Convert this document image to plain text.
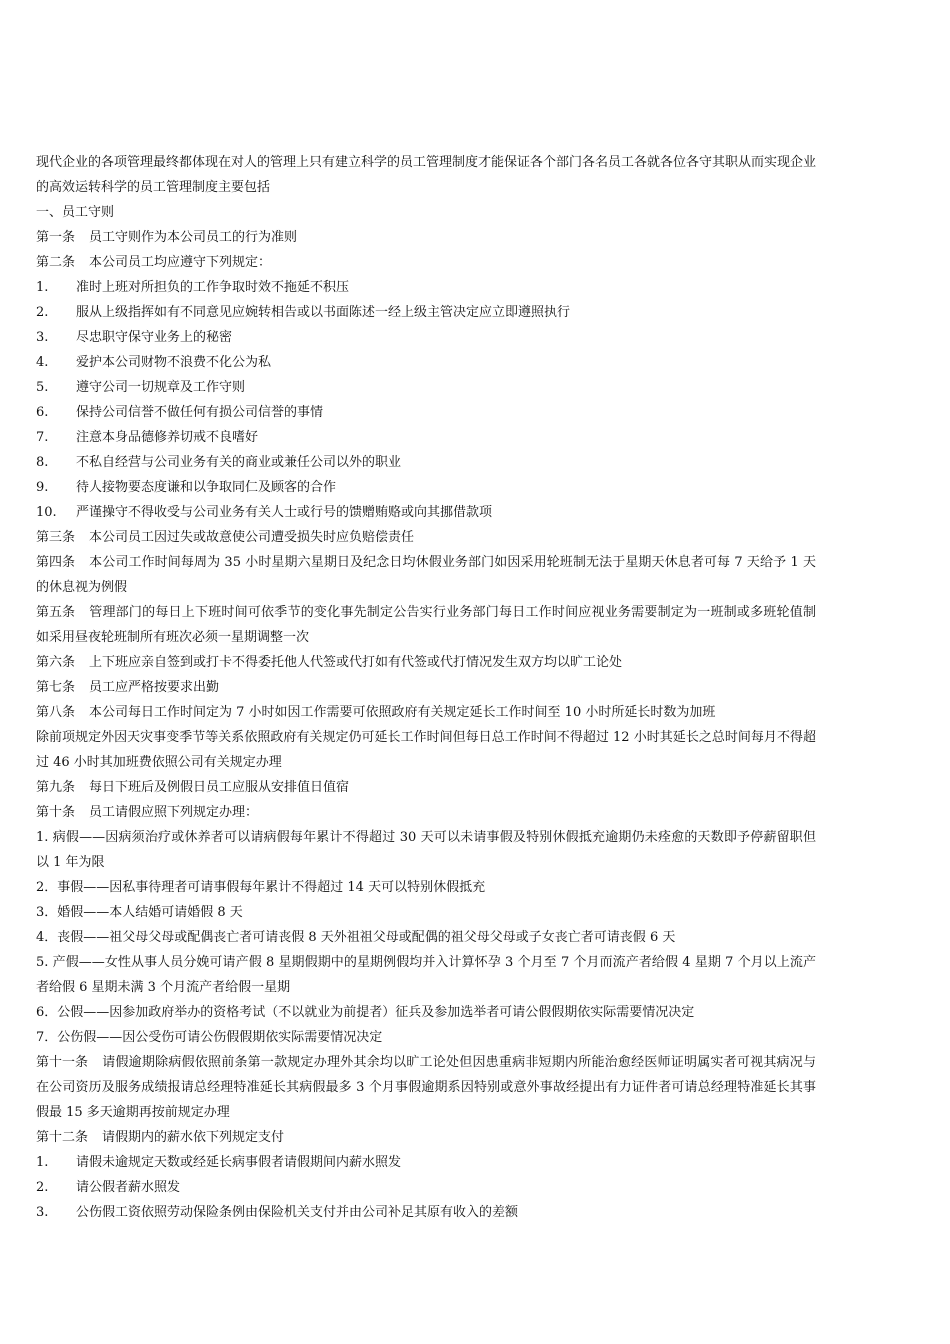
现代企业的各项管理最终都体现在对人的管理上只有建立科学的员工管理制度才能保证各个部门各名员工各就各位各守其职从而实现企业的高效运转科学的员工管理制度主要包括

一、员工守则

第一条 员工守则作为本公司员工的行为准则

第二条 本公司员工均应遵守下列规定：

1. 准时上班对所担负的工作争取时效不拖延不积压

2. 服从上级指挥如有不同意见应婉转相告或以书面陈述一经上级主管决定应立即遵照执行

3. 尽忠职守保守业务上的秘密

4. 爱护本公司财物不浪费不化公为私

5. 遵守公司一切规章及工作守则

6. 保持公司信誉不做任何有损公司信誉的事情

7. 注意本身品德修养切戒不良嗜好

8. 不私自经营与公司业务有关的商业或兼任公司以外的职业

9. 待人接物要态度谦和以争取同仁及顾客的合作

10. 严谨操守不得收受与公司业务有关人士或行号的馈赠贿赂或向其挪借款项

第三条 本公司员工因过失或故意使公司遭受损失时应负赔偿责任

第四条 本公司工作时间每周为 35 小时星期六星期日及纪念日均休假业务部门如因采用轮班制无法于星期天休息者可每 7 天给予 1 天的休息视为例假

第五条 管理部门的每日上下班时间可依季节的变化事先制定公告实行业务部门每日工作时间应视业务需要制定为一班制或多班轮值制如采用昼夜轮班制所有班次必须一星期调整一次

第六条 上下班应亲自签到或打卡不得委托他人代签或代打如有代签或代打情况发生双方均以旷工论处

第七条 员工应严格按要求出勤

第八条 本公司每日工作时间定为 7 小时如因工作需要可依照政府有关规定延长工作时间至 10 小时所延长时数为加班

除前项规定外因天灾事变季节等关系依照政府有关规定仍可延长工作时间但每日总工作时间不得超过 12 小时其延长之总时间每月不得超过 46 小时其加班费依照公司有关规定办理

第九条 每日下班后及例假日员工应服从安排值日值宿

第十条 员工请假应照下列规定办理：

1. 病假——因病须治疗或休养者可以请病假每年累计不得超过 30 天可以未请事假及特别休假抵充逾期仍未痊愈的天数即予停薪留职但以 1 年为限

2．事假——因私事待理者可请事假每年累计不得超过 14 天可以特别休假抵充

3．婚假——本人结婚可请婚假 8 天

4．丧假——祖父母父母或配偶丧亡者可请丧假 8 天外祖祖父母或配偶的祖父母父母或子女丧亡者可请丧假 6 天

5. 产假——女性从事人员分娩可请产假 8 星期假期中的星期例假均并入计算怀孕 3 个月至 7 个月而流产者给假 4 星期 7 个月以上流产者给假 6 星期未满 3 个月流产者给假一星期

6．公假——因参加政府举办的资格考试（不以就业为前提者）征兵及参加选举者可请公假假期依实际需要情况决定

7．公伤假——因公受伤可请公伤假假期依实际需要情况决定

第十一条 请假逾期除病假依照前条第一款规定办理外其余均以旷工论处但因患重病非短期内所能治愈经医师证明属实者可视其病况与在公司资历及服务成绩报请总经理特准延长其病假最多 3 个月事假逾期系因特别或意外事故经提出有力证件者可请总经理特准延长其事假最 15 多天逾期再按前规定办理

第十二条 请假期内的薪水依下列规定支付

1. 请假未逾规定天数或经延长病事假者请假期间内薪水照发

2. 请公假者薪水照发

3. 公伤假工资依照劳动保险条例由保险机关支付并由公司补足其原有收入的差额
